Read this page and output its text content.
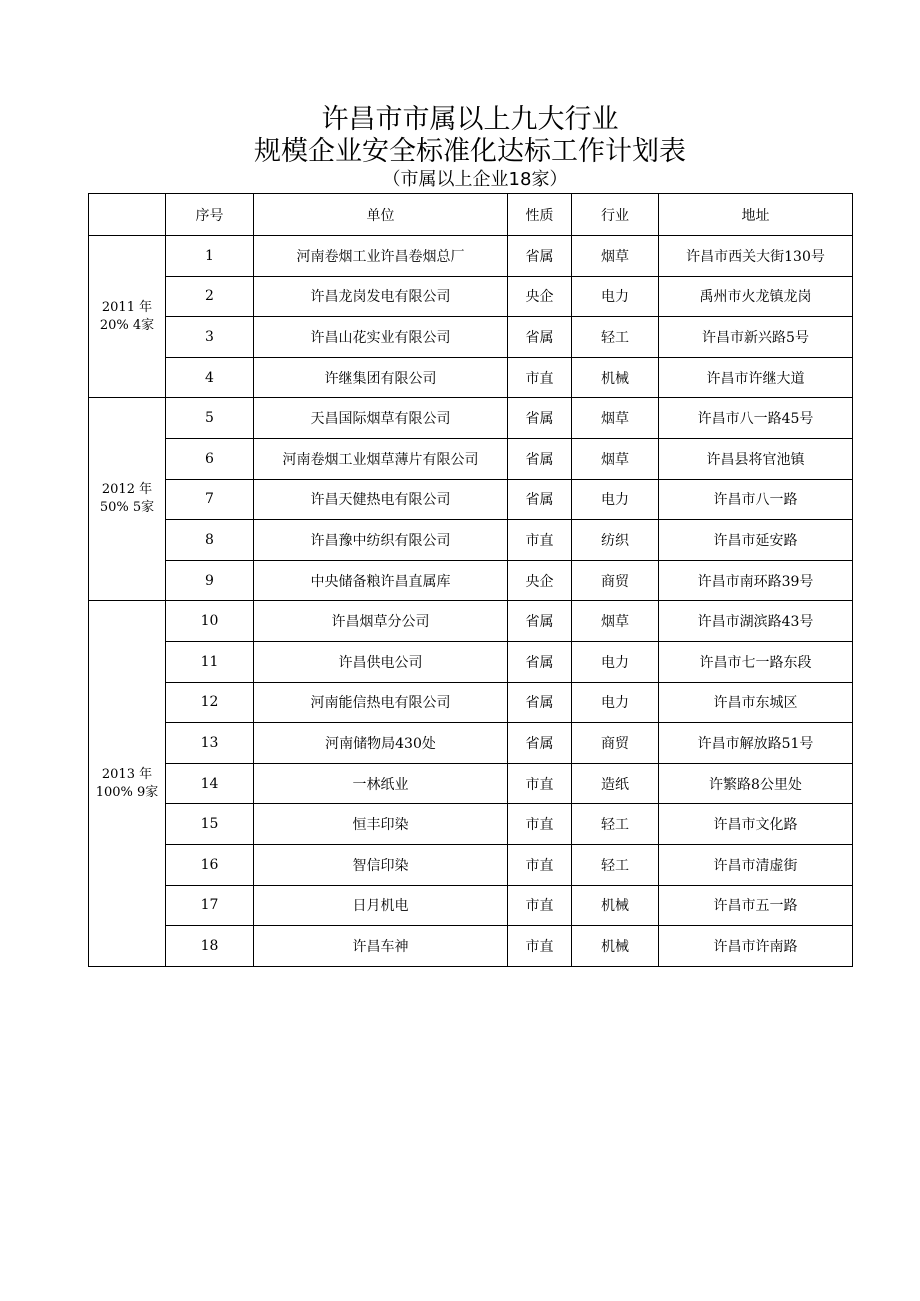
许昌市市属以上九大行业
规模企业安全标准化达标工作计划表
（市属以上企业18家）
	序号	单位	性质	行业	地址

2011 年
20% 4家	1	河南卷烟工业许昌卷烟总厂	省属	烟草	许昌市西关大街130号
	2	许昌龙岗发电有限公司	央企	电力	禹州市火龙镇龙岗
	3	许昌山花实业有限公司	省属	轻工	许昌市新兴路5号
	4	许继集团有限公司	市直	机械	许昌市许继大道

2012 年
50% 5家	5	天昌国际烟草有限公司	省属	烟草	许昌市八一路45号
	6	河南卷烟工业烟草薄片有限公司	省属	烟草	许昌县将官池镇
	7	许昌天健热电有限公司	省属	电力	许昌市八一路
	8	许昌豫中纺织有限公司	市直	纺织	许昌市延安路
	9	中央储备粮许昌直属库	央企	商贸	许昌市南环路39号

2013 年
100% 9家	10	许昌烟草分公司	省属	烟草	许昌市湖滨路43号
	11	许昌供电公司	省属	电力	许昌市七一路东段
	12	河南能信热电有限公司	省属	电力	许昌市东城区
	13	河南储物局430处	省属	商贸	许昌市解放路51号
	14	一林纸业	市直	造纸	许繁路8公里处
	15	恒丰印染	市直	轻工	许昌市文化路
	16	智信印染	市直	轻工	许昌市清虚街
	17	日月机电	市直	机械	许昌市五一路
	18	许昌车神	市直	机械	许昌市许南路
